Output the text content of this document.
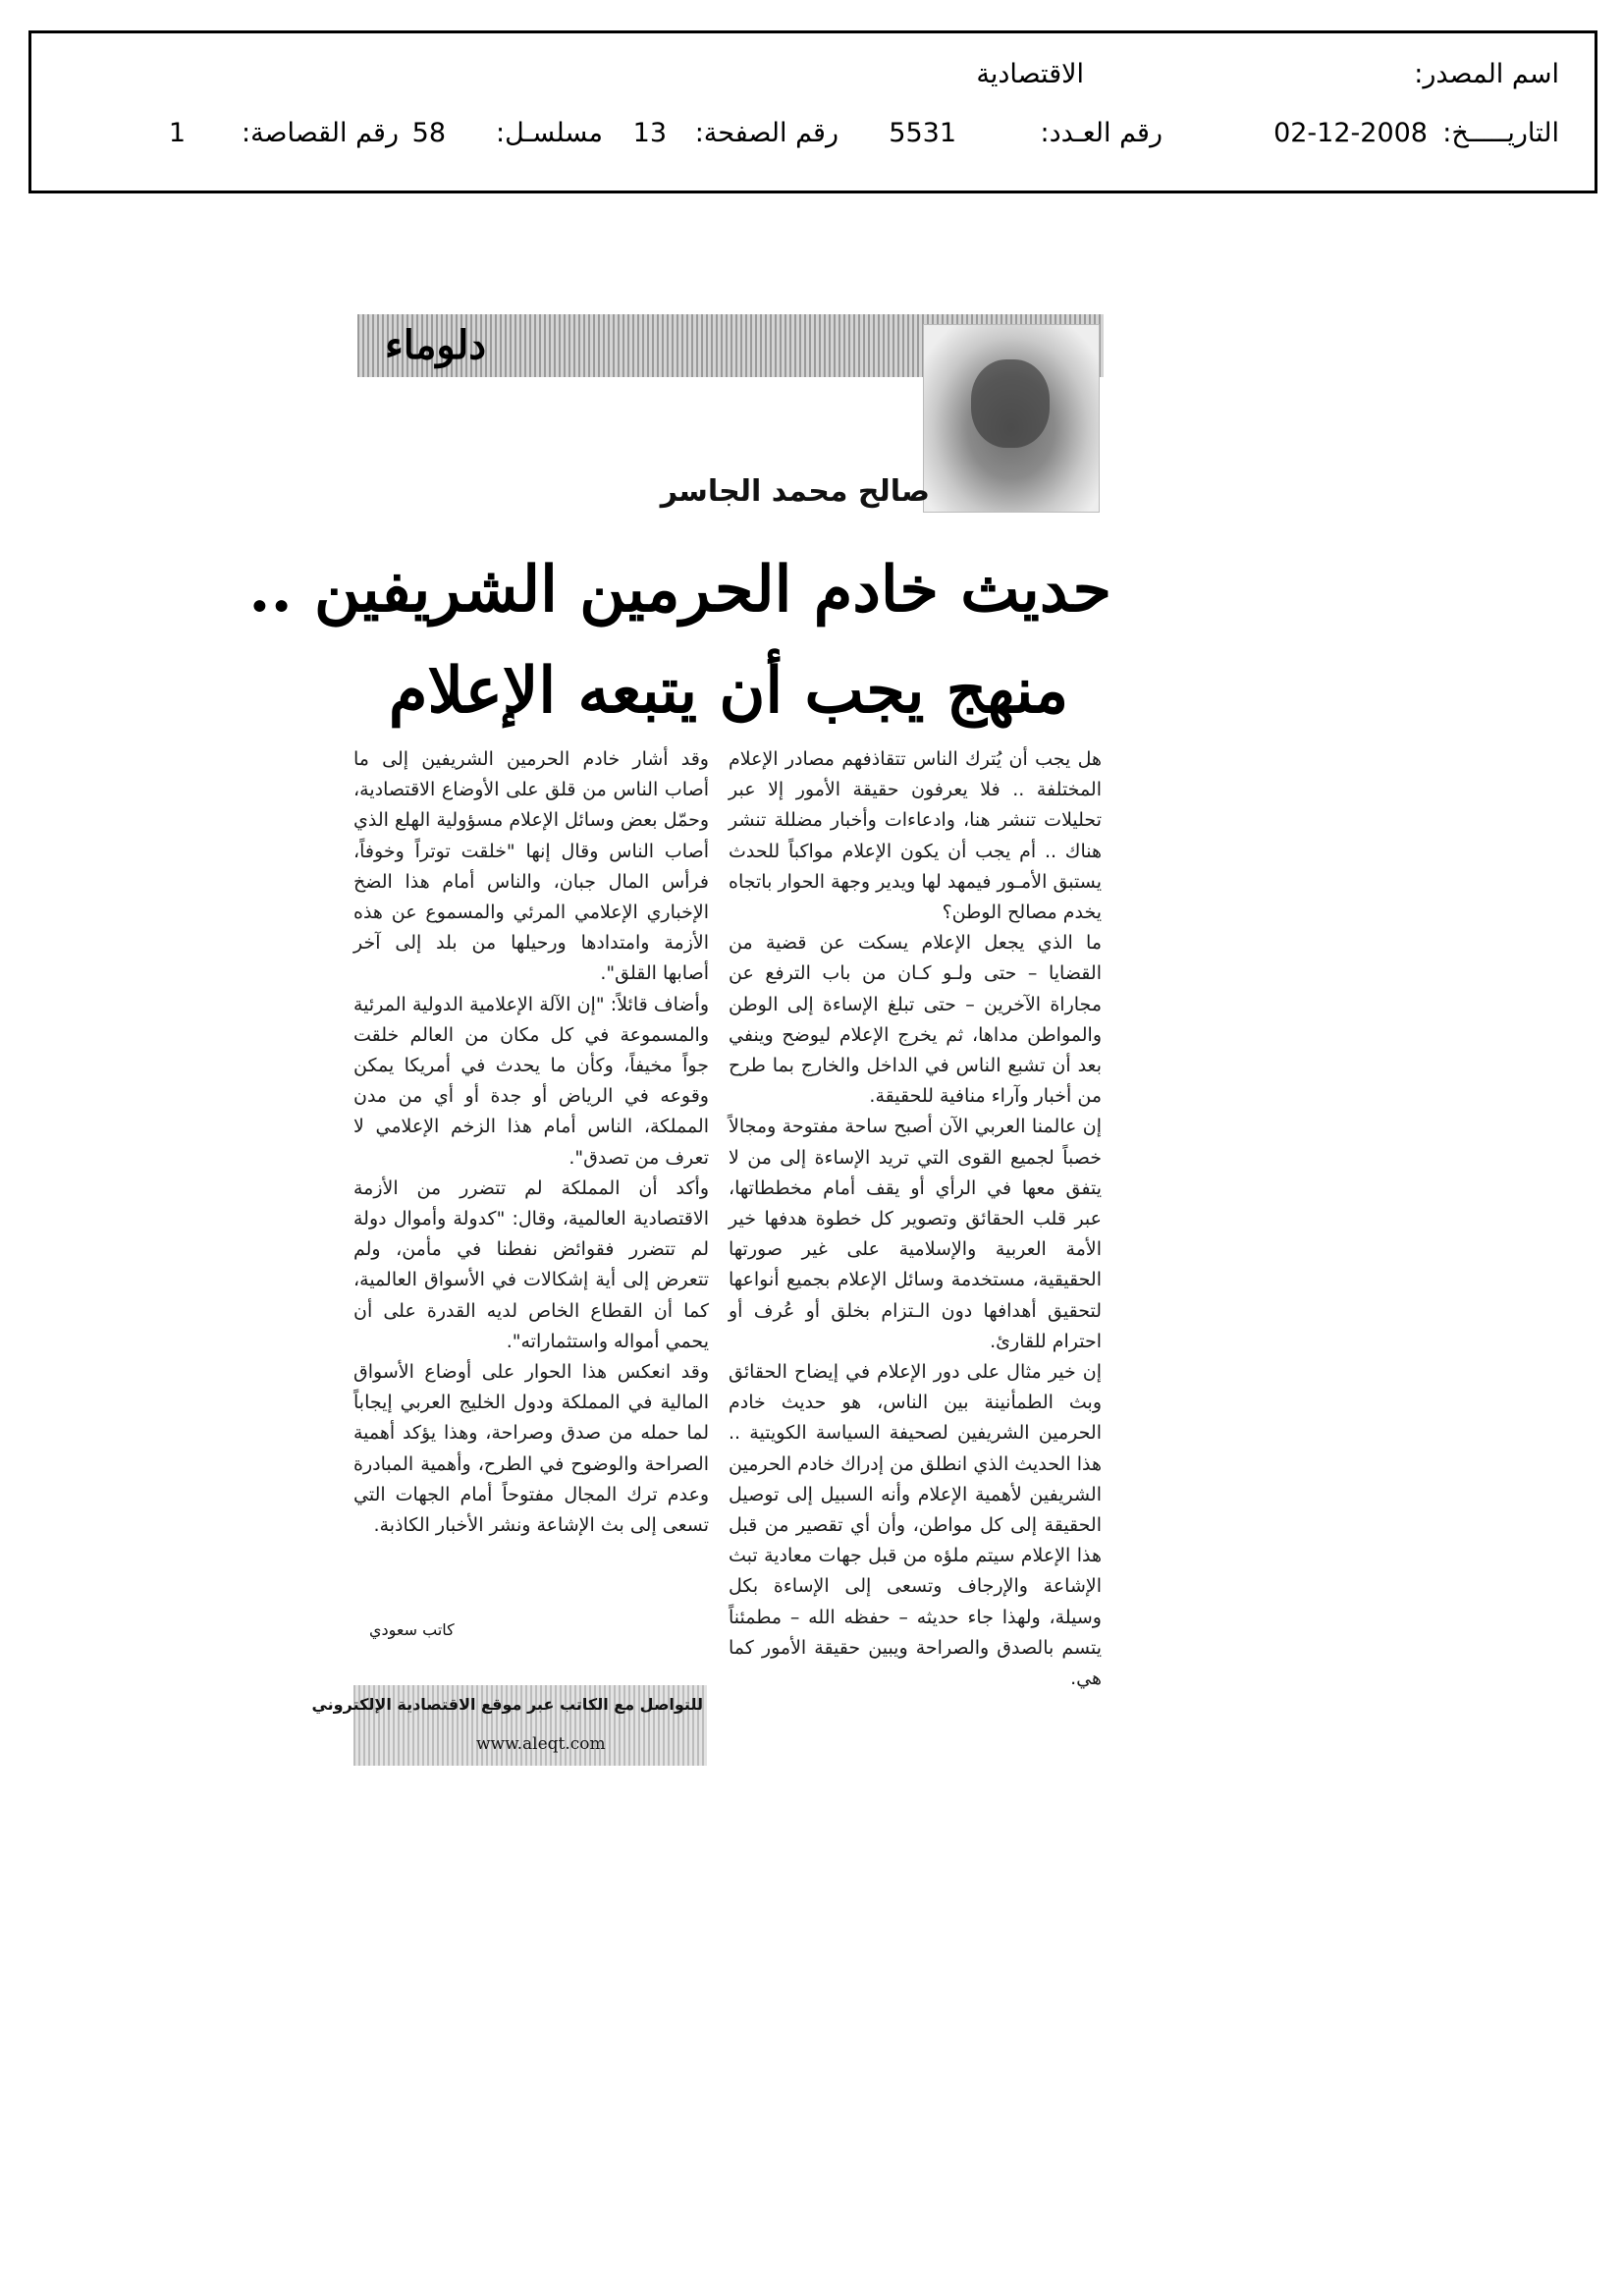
اسم المصدر:
الاقتصادية
التاريـــــخ:
02-12-2008
رقم العـدد:
5531
رقم الصفحة:
13
مسلسـل:
58
رقم القصاصة:
1
دلوماء
صالح محمد الجاسر
حديث خادم الحرمين الشريفين ..
منهج يجب أن يتبعه الإعلام
هل يجب أن يُترك الناس تتقاذفهم مصادر الإعلام المختلفة .. فلا يعرفون حقيقة الأمور إلا عبر تحليلات تنشر هنا، وادعاءات وأخبار مضللة تنشر هناك .. أم يجب أن يكون الإعلام مواكباً للحدث يستبق الأمـور فيمهد لها ويدير وجهة الحوار باتجاه يخدم مصالح الوطن؟
ما الذي يجعل الإعلام يسكت عن قضية من القضايا – حتى ولـو كـان من باب الترفع عن مجاراة الآخرين – حتى تبلغ الإساءة إلى الوطن والمواطن مداها، ثم يخرج الإعلام ليوضح وينفي بعد أن تشبع الناس في الداخل والخارج بما طرح من أخبار وآراء منافية للحقيقة.
إن عالمنا العربي الآن أصبح ساحة مفتوحة ومجالاً خصباً لجميع القوى التي تريد الإساءة إلى من لا يتفق معها في الرأي أو يقف أمام مخططاتها، عبر قلب الحقائق وتصوير كل خطوة هدفها خير الأمة العربية والإسلامية على غير صورتها الحقيقية، مستخدمة وسائل الإعلام بجميع أنواعها لتحقيق أهدافها دون الـتزام بخلق أو عُرف أو احترام للقارئ.
إن خير مثال على دور الإعلام في إيضاح الحقائق وبث الطمأنينة بين الناس، هو حديث خادم الحرمين الشريفين لصحيفة السياسة الكويتية .. هذا الحديث الذي انطلق من إدراك خادم الحرمين الشريفين لأهمية الإعلام وأنه السبيل إلى توصيل الحقيقة إلى كل مواطن، وأن أي تقصير من قبل هذا الإعلام سيتم ملؤه من قبل جهات معادية تبث الإشاعة والإرجاف وتسعى إلى الإساءة بكل وسيلة، ولهذا جاء حديثه – حفظه الله – مطمئناً يتسم بالصدق والصراحة ويبين حقيقة الأمور كما هي.
وقد أشار خادم الحرمين الشريفين إلى ما أصاب الناس من قلق على الأوضاع الاقتصادية، وحمّل بعض وسائل الإعلام مسؤولية الهلع الذي أصاب الناس وقال إنها "خلقت توتراً وخوفاً، فرأس المال جبان، والناس أمام هذا الضخ الإخباري الإعلامي المرئي والمسموع عن هذه الأزمة وامتدادها ورحيلها من بلد إلى آخر أصابها القلق".
وأضاف قائلاً: "إن الآلة الإعلامية الدولية المرئية والمسموعة في كل مكان من العالم خلقت جواً مخيفاً، وكأن ما يحدث في أمريكا يمكن وقوعه في الرياض أو جدة أو أي من مدن المملكة، الناس أمام هذا الزخم الإعلامي لا تعرف من تصدق".
وأكد أن المملكة لم تتضرر من الأزمة الاقتصادية العالمية، وقال: "كدولة وأموال دولة لم تتضرر فقوائض نفطنا في مأمن، ولم تتعرض إلى أية إشكالات في الأسواق العالمية، كما أن القطاع الخاص لديه القدرة على أن يحمي أمواله واستثماراته".
وقد انعكس هذا الحوار على أوضاع الأسواق المالية في المملكة ودول الخليج العربي إيجاباً لما حمله من صدق وصراحة، وهذا يؤكد أهمية الصراحة والوضوح في الطرح، وأهمية المبادرة وعدم ترك المجال مفتوحاً أمام الجهات التي تسعى إلى بث الإشاعة ونشر الأخبار الكاذبة.
كاتب سعودي
للتواصل مع الكاتب عبر موقع الاقتصادية الإلكتروني
www.aleqt.com
